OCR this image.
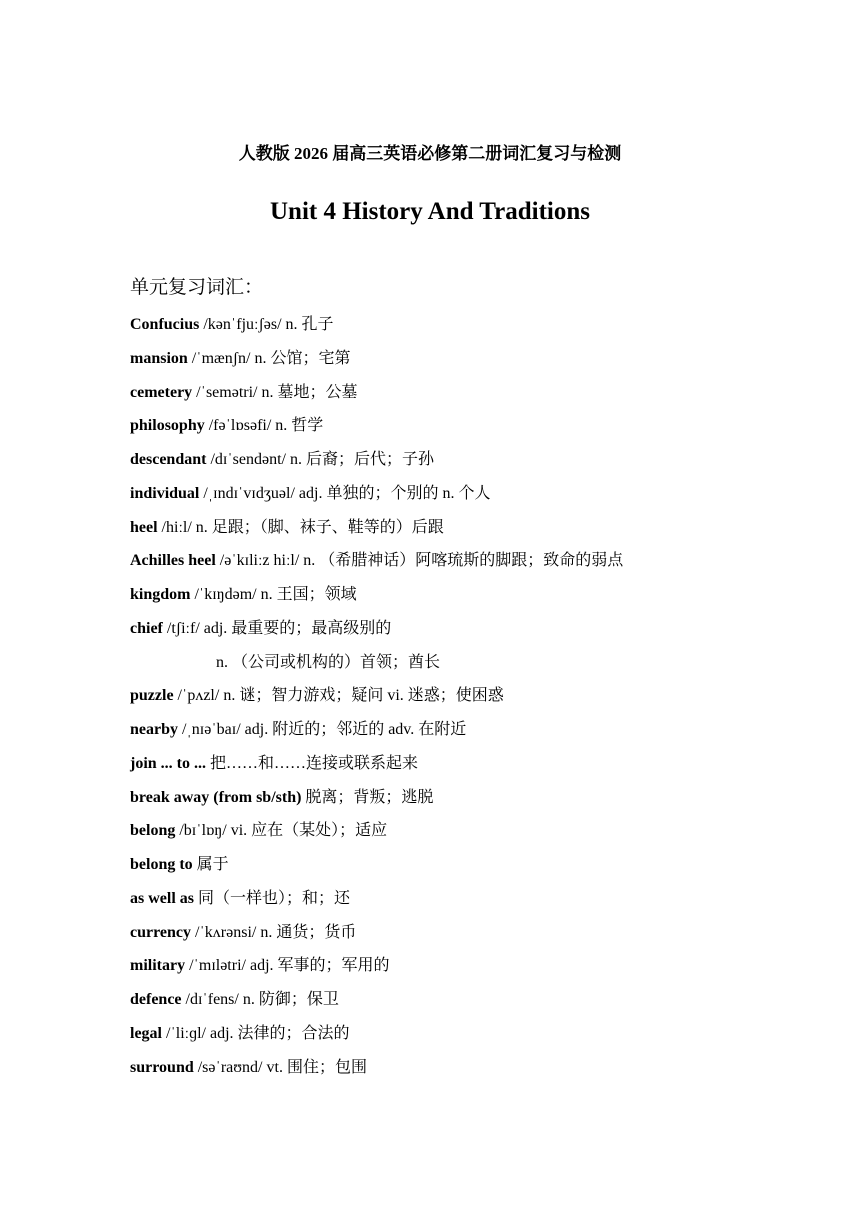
人教版 2026 届高三英语必修第二册词汇复习与检测
Unit 4 History And Traditions
单元复习词汇：
Confucius /kənˈfjuːʃəs/ n. 孔子
mansion /ˈmænʃn/ n. 公馆；宅第
cemetery /ˈsemətri/ n. 墓地；公墓
philosophy /fəˈlɒsəfi/ n. 哲学
descendant /dɪˈsendənt/ n. 后裔；后代；子孙
individual /ˌɪndɪˈvɪdʒuəl/ adj. 单独的；个别的 n. 个人
heel /hiːl/ n. 足跟；（脚、袜子、鞋等的）后跟
Achilles heel /əˈkɪliːz hiːl/ n. （希腊神话）阿喀琉斯的脚跟；致命的弱点
kingdom /ˈkɪŋdəm/ n. 王国；领域
chief /tʃiːf/ adj. 最重要的；最高级别的
n. （公司或机构的）首领；酋长
puzzle /ˈpʌzl/ n. 谜；智力游戏；疑问 vi. 迷惑；使困惑
nearby /ˌnɪəˈbaɪ/ adj. 附近的；邻近的 adv. 在附近
join ... to ... 把……和……连接或联系起来
break away (from sb/sth) 脱离；背叛；逃脱
belong /bɪˈlɒŋ/ vi. 应在（某处）；适应
belong to 属于
as well as 同（一样也）；和；还
currency /ˈkʌrənsi/ n. 通货；货币
military /ˈmɪlətri/ adj. 军事的；军用的
defence /dɪˈfens/ n. 防御；保卫
legal /ˈliːɡl/ adj. 法律的；合法的
surround /səˈraʊnd/ vt. 围住；包围
